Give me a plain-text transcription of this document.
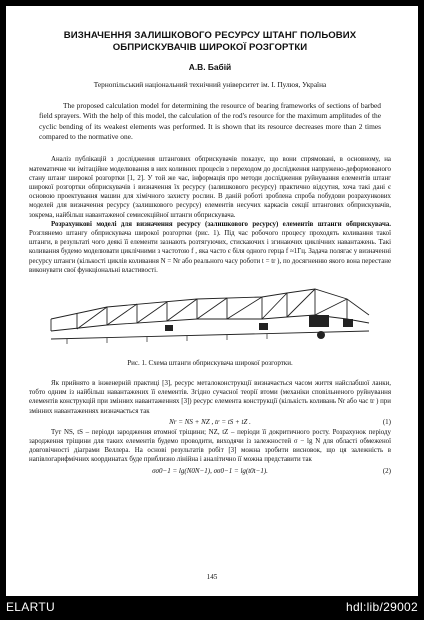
ВИЗНАЧЕННЯ ЗАЛИШКОВОГО РЕСУРСУ ШТАНГ ПОЛЬОВИХ ОБПРИСКУВАЧІВ ШИРОКОЇ РОЗГОРТКИ
А.В. Бабій
Тернопільський національний технічний університет ім. І. Пулюя, Україна
The proposed calculation model for determining the resource of bearing frameworks of sections of barbed field sprayers. With the help of this model, the calculation of the rod's resource for the maximum amplitudes of the cyclic bending of its weakest elements was performed. It is shown that its resource decreases more than 2 times compared to the normative one.
Аналіз публікацій з дослідження штангових обприскувачів показує, що вони спрямовані, в основному, на математичне чи імітаційне моделювання в них коливних процесів з переходом до дослідження напружено-деформованого стану штанг широкої розгортки [1, 2]. У той же час, інформація про методи дослідження руйнування елементів штанг широкої розгортки обприскувачів і визначення їх ресурсу (залишкового ресурсу) практично відсутня, хоча такі дані є основою проектування машин для хімічного захисту рослин. В даній роботі зроблена спроба побудови розрахункових моделей для визначення ресурсу (залишкового ресурсу) елементів несучих каркасів секції штангових обприскувачів, зокрема, найбільш навантаженої семисекційної штанги обприскувача.
Розрахункові моделі для визначення ресурсу (залишкового ресурсу) елементів штанги обприскувача. Розглянемо штангу обприскувача широкої розгортки (рис. 1). Під час робочого процесу проходять коливання такої штанги, в результаті чого деякі її елементи зазнають розтягуючих, стискаючих і згинаючих циклічних навантажень. Такі коливання будемо моделювати циклічними з частотою f , яка часто є біля одного герца f ≈1Гц. Задача полягає у визначенні ресурсу штанги (кількості циклів коливання N = Nr або реального часу роботи t = tr ), по досягненню якого вона перестане виконувати свої функціональні властивості.
Рис. 1. Схема штанги обприскувача широкої розгортки.
Як прийнято в інженерній практиці [3], ресурс металоконструкції визначається часом життя найслабшої ланки, тобто одним із найбільш навантажених її елементів. Згідно сучасної теорії втоми (механіки сповільненого руйнування елементів конструкцій при змінних навантаженнях [3]) ресурс елемента конструкції (кількість коливань Nr або час tr ) при змінних навантаженнях визначається так
Nr = NS + NZ , tr = tS + tZ .	(1)
Тут NS, tS – періоди зародження втомної тріщини; NZ, tZ – періоди її докритичного росту. Розрахунок періоду зародження тріщини для таких елементів будемо проводити, виходячи із залежностей σ − lg N для області обмеженої довговічності діаграми Веллера. На основі результатів робіт [3] можна зробити висновок, що ця залежність в напівлогарифмічних координатах буде приблизно лінійна і аналітично її можна представити так
σσ0−1 = lg(N0N−1), σσ0−1 = lg(t0t−1).	(2)
145
ELARTU	hdl:lib/29002
